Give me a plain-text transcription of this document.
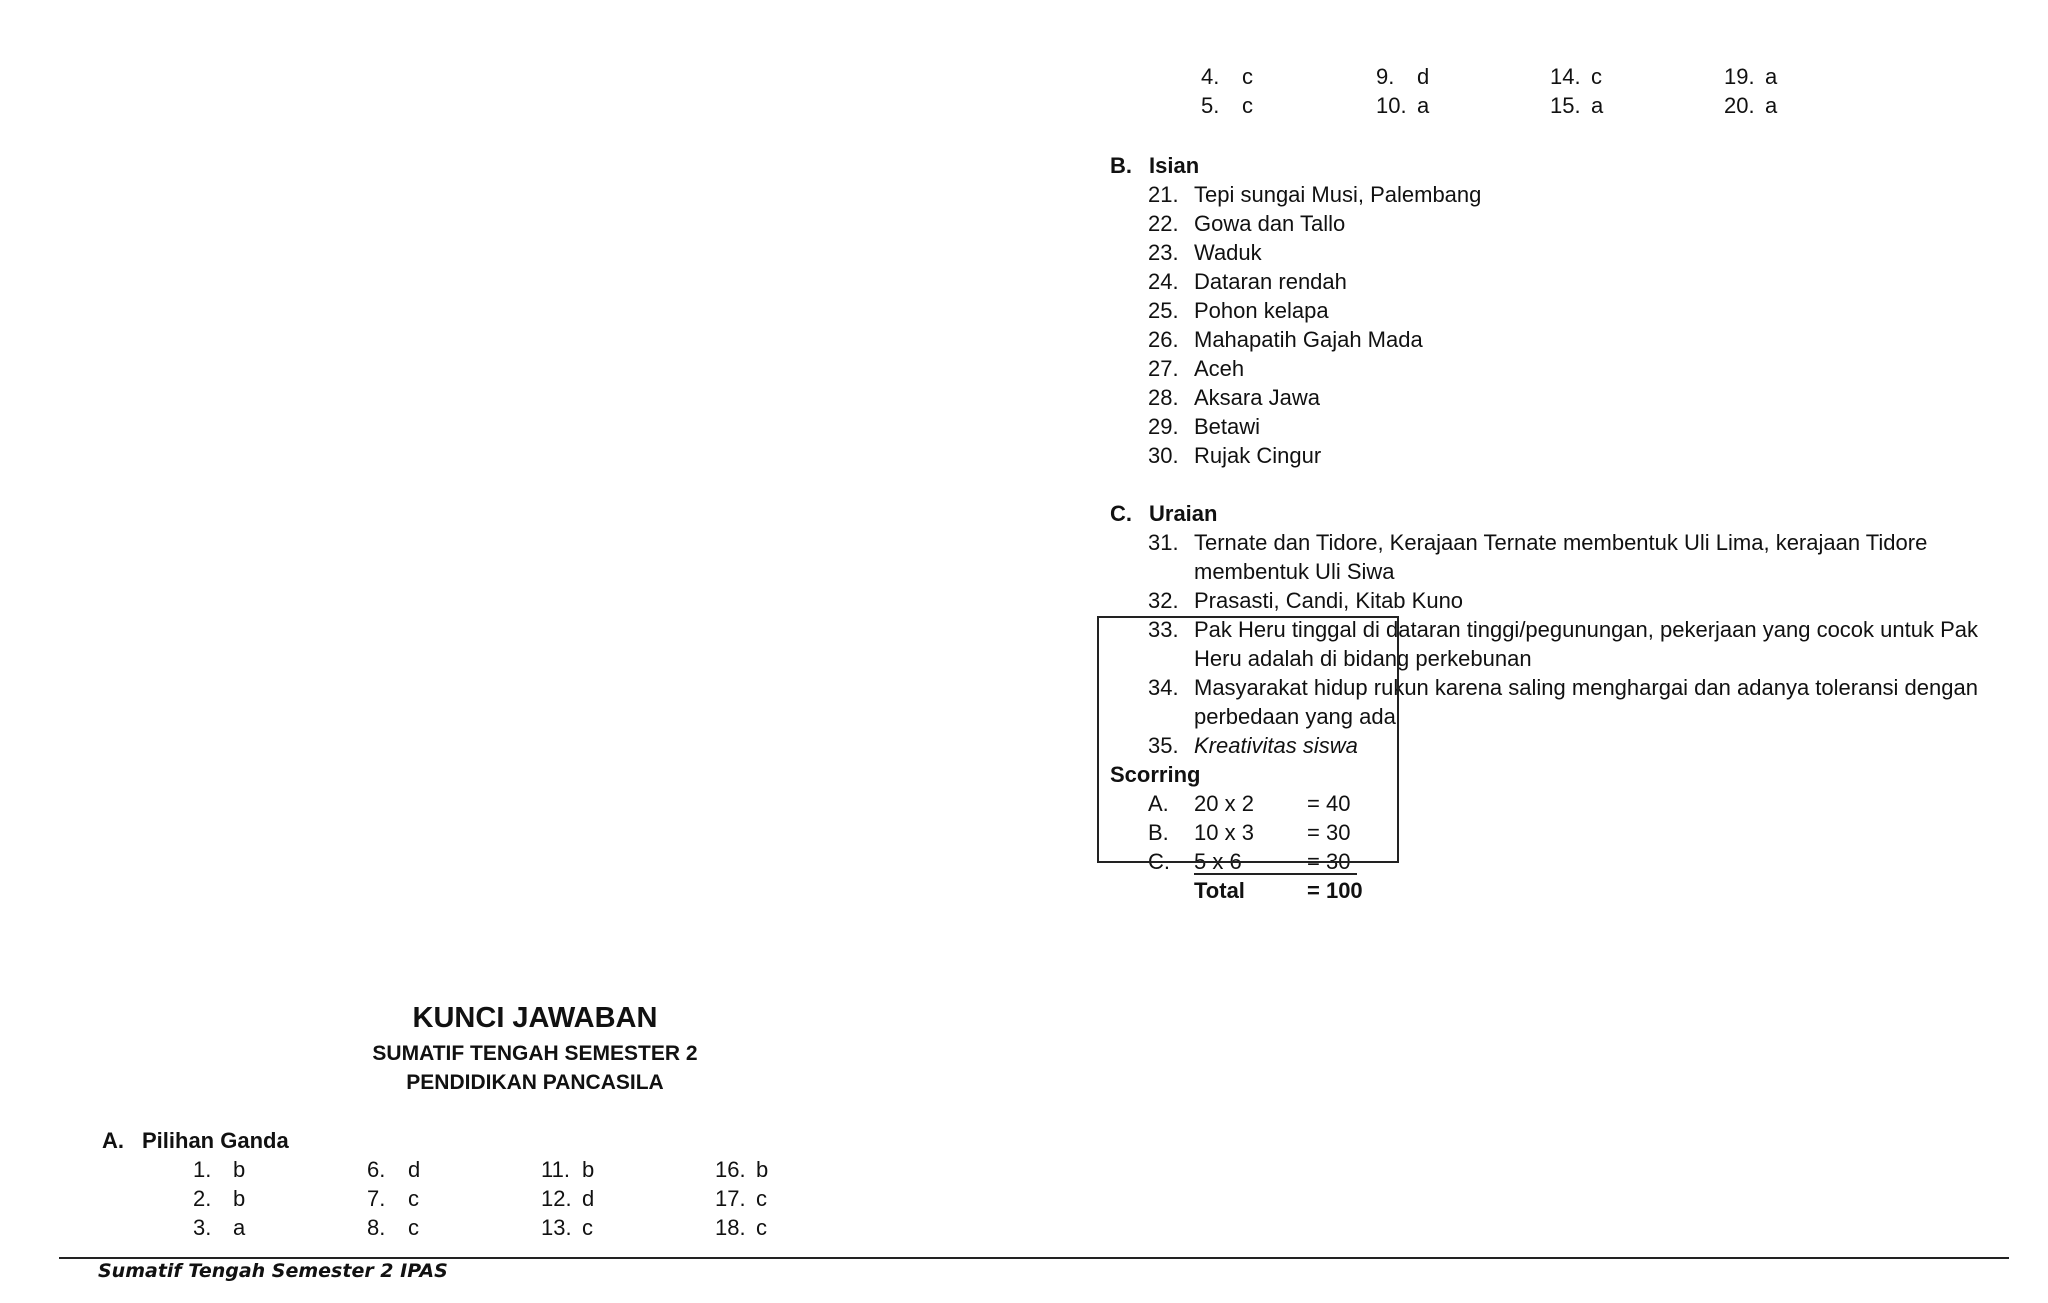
4. c	9. d	14. c	19. a
5. c	10. a	15. a	20. a
B. Isian
21. Tepi sungai Musi, Palembang
22. Gowa dan Tallo
23. Waduk
24. Dataran rendah
25. Pohon kelapa
26. Mahapatih Gajah Mada
27. Aceh
28. Aksara Jawa
29. Betawi
30. Rujak Cingur
C. Uraian
31. Ternate dan Tidore, Kerajaan Ternate membentuk Uli Lima, kerajaan Tidore
membentuk Uli Siwa
32. Prasasti, Candi, Kitab Kuno
33. Pak Heru tinggal di dataran tinggi/pegunungan, pekerjaan yang cocok untuk Pak
Heru adalah di bidang perkebunan
34. Masyarakat hidup rukun karena saling menghargai dan adanya toleransi dengan
perbedaan yang ada
35. Kreativitas siswa
Scorring
A. 20 x 2 = 40
B. 10 x 3 = 30
C. 5 x 6	= 30
Total	= 100
KUNCI JAWABAN
SUMATIF TENGAH SEMESTER 2
PENDIDIKAN PANCASILA
A. Pilihan Ganda
1. b	6. d	11. b	16. b
2. b	7. c	12. d	17. c
3. a	8. c	13. c	18. c
Sumatif Tengah Semester 2 IPAS
